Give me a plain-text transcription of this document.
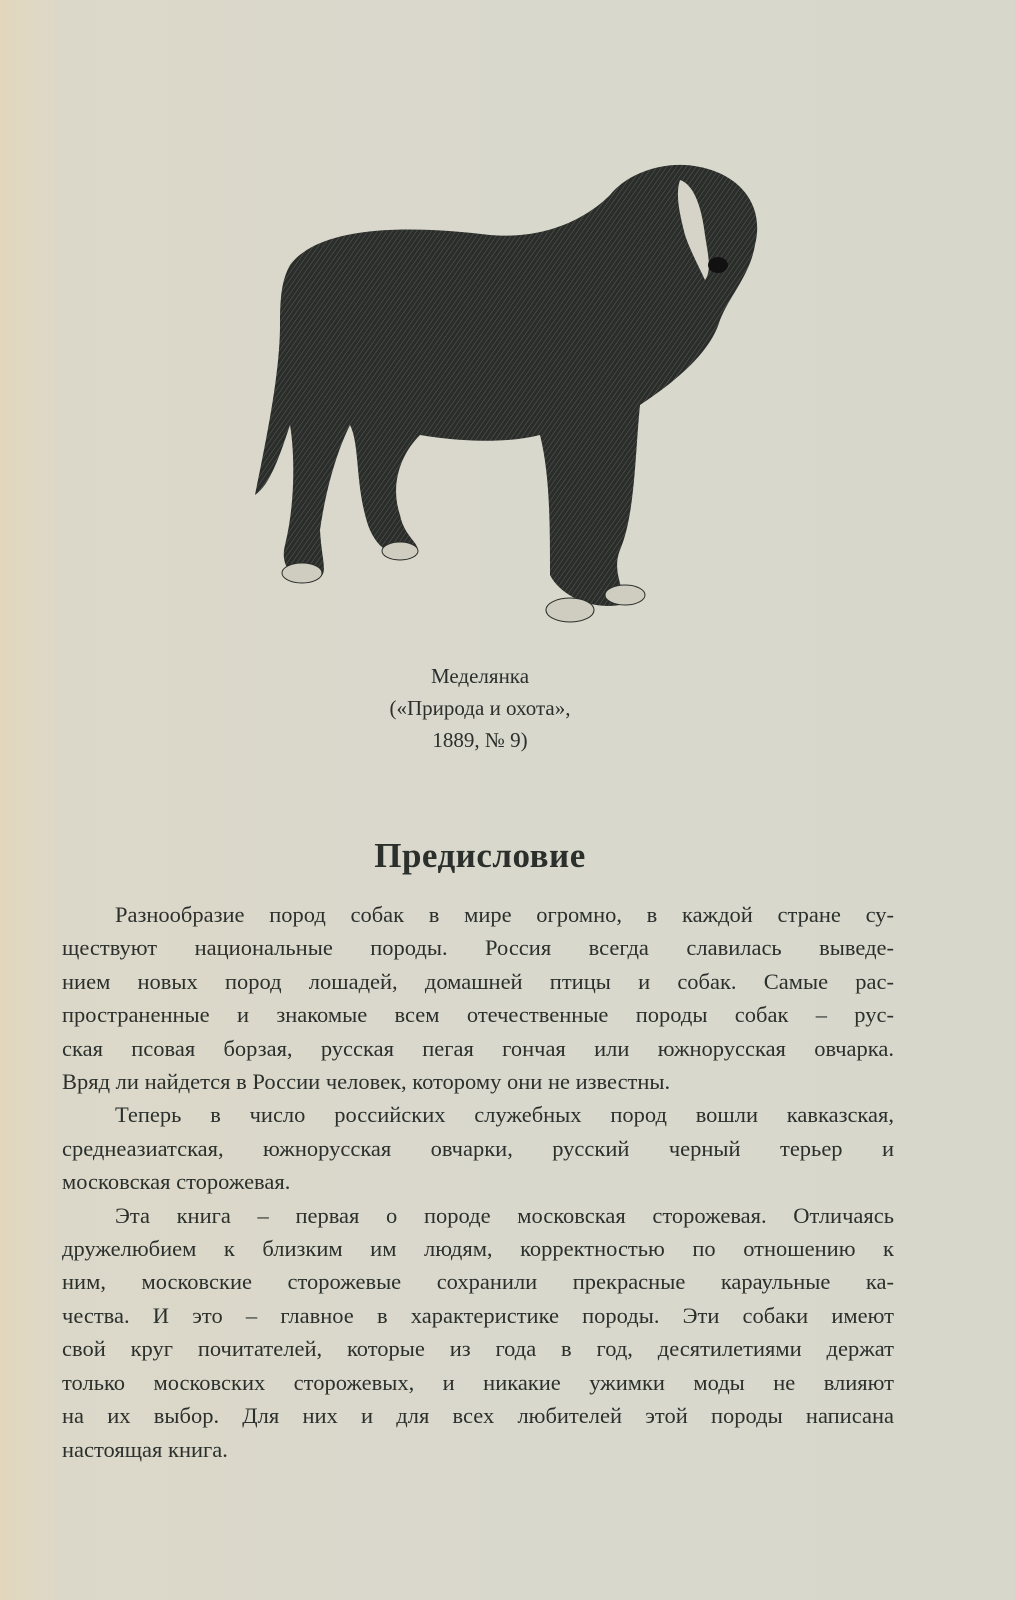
Меделянка
(«Природа и охота»,
1889, № 9)
Предисловие
Разнообразие пород собак в мире огромно, в каждой стране су-
ществуют национальные породы. Россия всегда славилась выведе-
нием новых пород лошадей, домашней птицы и собак. Самые рас-
пространенные и знакомые всем отечественные породы собак – рус-
ская псовая борзая, русская пегая гончая или южнорусская овчарка.
Вряд ли найдется в России человек, которому они не известны.
Теперь в число российских служебных пород вошли кавказская,
среднеазиатская, южнорусская овчарки, русский черный терьер и
московская сторожевая.
Эта книга – первая о породе московская сторожевая. Отличаясь
дружелюбием к близким им людям, корректностью по отношению к
ним, московские сторожевые сохранили прекрасные караульные ка-
чества. И это – главное в характеристике породы. Эти собаки имеют
свой круг почитателей, которые из года в год, десятилетиями держат
только московских сторожевых, и никакие ужимки моды не влияют
на их выбор. Для них и для всех любителей этой породы написана
настоящая книга.
